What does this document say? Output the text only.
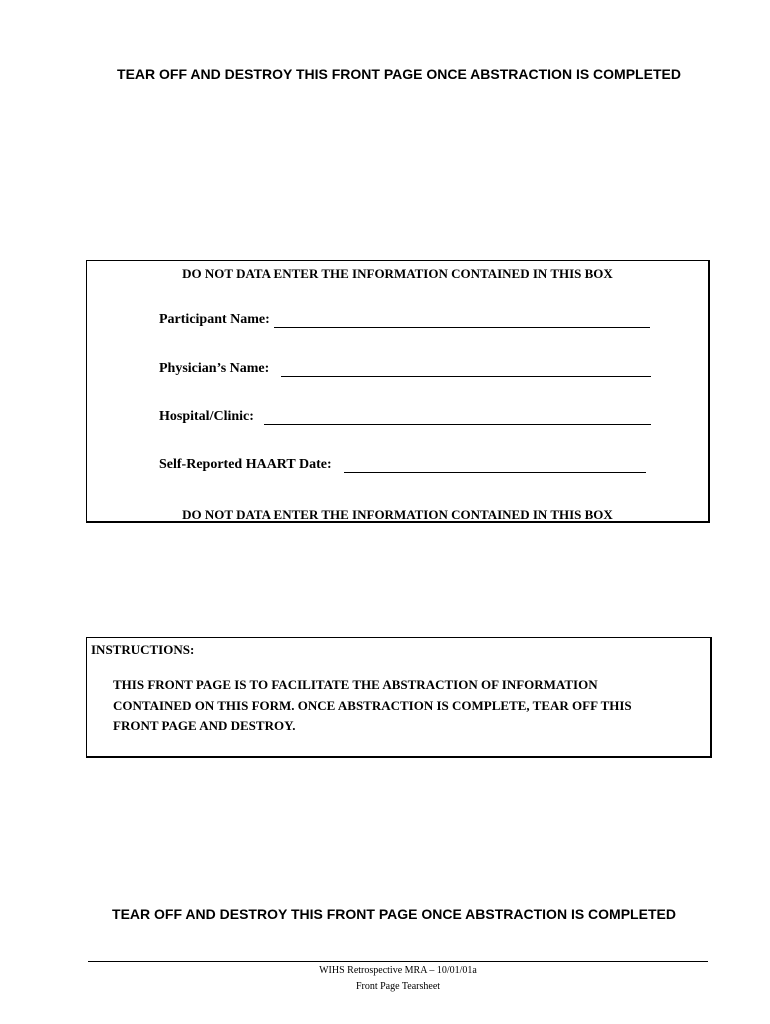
TEAR OFF AND DESTROY THIS FRONT PAGE ONCE ABSTRACTION IS COMPLETED
DO NOT DATA ENTER THE INFORMATION CONTAINED IN THIS BOX
Participant Name:
Physician’s Name:
Hospital/Clinic:
Self-Reported HAART Date:
DO NOT DATA ENTER THE INFORMATION CONTAINED IN THIS BOX
INSTRUCTIONS:
THIS FRONT PAGE IS TO FACILITATE THE ABSTRACTION OF INFORMATION
CONTAINED ON THIS FORM. ONCE ABSTRACTION IS COMPLETE, TEAR OFF THIS
FRONT PAGE AND DESTROY.
TEAR OFF AND DESTROY THIS FRONT PAGE ONCE ABSTRACTION IS COMPLETED
WIHS Retrospective MRA – 10/01/01a
Front Page Tearsheet
